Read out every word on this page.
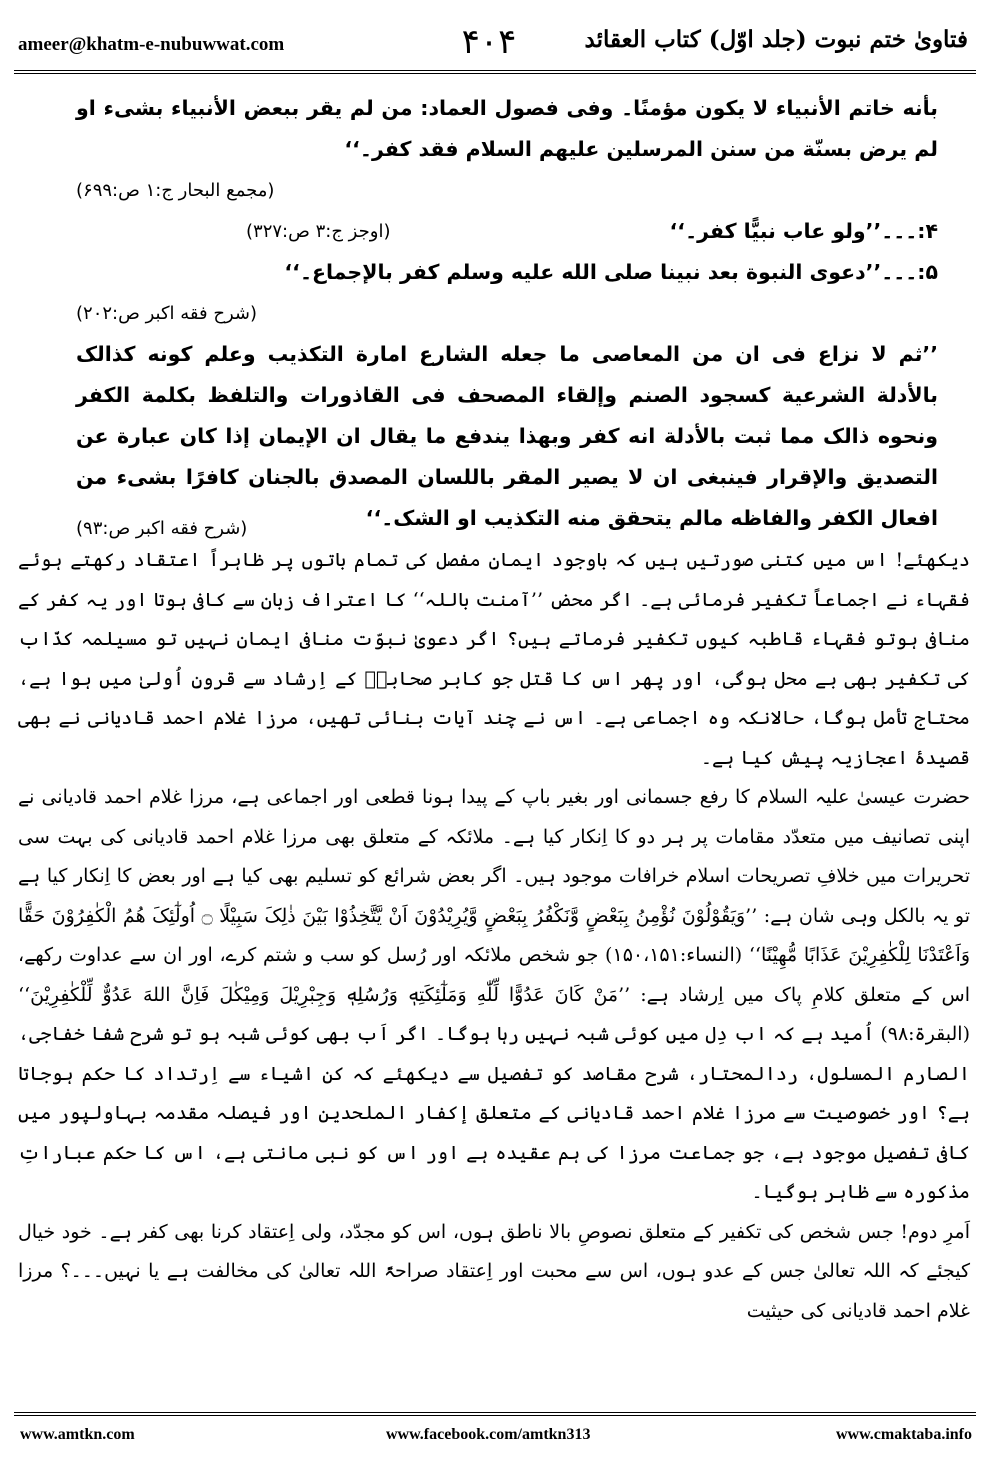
ameer@khatm-e-nubuwwat.com	۴۰۴	فتاویٰ ختم نبوت (جلد اوّل) کتاب العقائد

بأنه خاتم الأنبیاء لا یکون مؤمنًا۔ وفی فصول العماد: من لم یقر ببعض الأنبیاء بشیء او لم یرض بسنّة من سنن المرسلین علیهم السلام فقد کفر۔‘‘

(مجمع البحار ج:۱ ص:۶۹۹)
۴:۔۔۔’’ولو عاب نبیًّا کفر۔‘‘
(اوجز ج:۳ ص:۳۲۷)
۵:۔۔۔’’دعوی النبوة بعد نبینا صلی الله علیه وسلم کفر بالإجماع۔‘‘
(شرح فقه اکبر ص:۲۰۲)

’’ثم لا نزاع فی ان من المعاصی ما جعله الشارع امارة التکذیب وعلم کونه کذالک بالأدلة الشرعیة کسجود الصنم وإلقاء المصحف فی القاذورات والتلفظ بکلمة الکفر ونحوه ذالک مما ثبت بالأدلة انه کفر وبهذا یندفع ما یقال ان الإیمان إذا کان عبارة عن التصدیق والإقرار فینبغی ان لا یصیر المقر باللسان المصدق بالجنان کافرًا بشیء من افعال الکفر والفاظه مالم یتحقق منه التکذیب او الشک۔‘‘

(شرح فقه اکبر ص:۹۳)

دیکھئے! اس میں کتنی صورتیں ہیں کہ باوجود ایمانِ مفصل کی تمام باتوں پر ظاہراً اعتقاد رکھتے ہوئے فقہاء نے اجماعاً تکفیر فرمائی ہے۔ اگر محض ’’آمنت باللہ‘‘ کا اعتراف زبان سے کافی ہوتا اور یہ کفر کے منافی ہوتو فقہاء قاطبہ کیوں تکفیر فرماتے ہیں؟ اگر دعویٰ نبوّت منافی ایمان نہیں تو مسیلمہ کذّاب کی تکفیر بھی بے محل ہوگی، اور پھر اس کا قتل جو کابر صحابہؓ کے اِرشاد سے قرونِ اُولیٰ میں ہوا ہے، محتاج تأمل ہوگا، حالانکہ وہ اجماعی ہے۔ اس نے چند آیات بنائی تھیں، مرزا غلام احمد قادیانی نے بھی قصیدۂ اعجازیہ پیش کیا ہے۔

حضرت عیسیٰ علیہ السلام کا رفع جسمانی اور بغیر باپ کے پیدا ہونا قطعی اور اجماعی ہے، مرزا غلام احمد قادیانی نے اپنی تصانیف میں متعدّد مقامات پر ہر دو کا اِنکار کیا ہے۔ ملائکہ کے متعلق بھی مرزا غلام احمد قادیانی کی بہت سی تحریرات میں خلافِ تصریحات اسلام خرافات موجود ہیں۔ اگر بعض شرائع کو تسلیم بھی کیا ہے اور بعض کا اِنکار کیا ہے تو یہ بالکل وہی شان ہے: ’’وَیَقُوْلُوْنَ نُؤْمِنُ بِبَعْضٍ وَّنَکْفُرُ بِبَعْضٍ وَّیُرِیْدُوْنَ اَنْ یَّتَّخِذُوْا بَیْنَ ذٰلِکَ سَبِیْلًا ۝ اُولٰٓئِکَ هُمُ الْکٰفِرُوْنَ حَقًّا وَاَعْتَدْنَا لِلْکٰفِرِیْنَ عَذَابًا مُّهِیْنًا‘‘ (النساء:۱۵۰،۱۵۱) جو شخص ملائکہ اور رُسل کو سب و شتم کرے، اور ان سے عداوت رکھے، اس کے متعلق کلامِ پاک میں اِرشاد ہے: ’’مَنْ کَانَ عَدُوًّا لِّلّٰهِ وَمَلٰٓئِکَتِهٖ وَرُسُلِهٖ وَجِبْرِیْلَ وَمِیْکٰلَ فَاِنَّ اللهَ عَدُوٌّ لِّلْکٰفِرِیْنَ‘‘ (البقرۃ:۹۸) اُمید ہے کہ اب دِل میں کوئی شبہ نہیں رہا ہوگا۔ اگر اَب بھی کوئی شبہ ہو تو شرح شفا خفاجی، الصارم المسلول، ردالمحتار، شرح مقاصد کو تفصیل سے دیکھئے کہ کن اشیاء سے اِرتداد کا حکم ہوجاتا ہے؟ اور خصوصیت سے مرزا غلام احمد قادیانی کے متعلق إکفار الملحدین اور فیصلہ مقدمہ بہاولپور میں کافی تفصیل موجود ہے، جو جماعت مرزا کی ہم عقیدہ ہے اور اس کو نبی مانتی ہے، اس کا حکم عباراتِ مذکورہ سے ظاہر ہوگیا۔

اَمرِ دوم! جس شخص کی تکفیر کے متعلق نصوصِ بالا ناطق ہوں، اس کو مجدّد، ولی اِعتقاد کرنا بھی کفر ہے۔ خود خیال کیجئے کہ اللہ تعالیٰ جس کے عدو ہوں، اس سے محبت اور اِعتقاد صراحۃً اللہ تعالیٰ کی مخالفت ہے یا نہیں۔۔۔؟ مرزا غلام احمد قادیانی کی حیثیت

www.amtkn.com	www.facebook.com/amtkn313	www.cmaktaba.info
